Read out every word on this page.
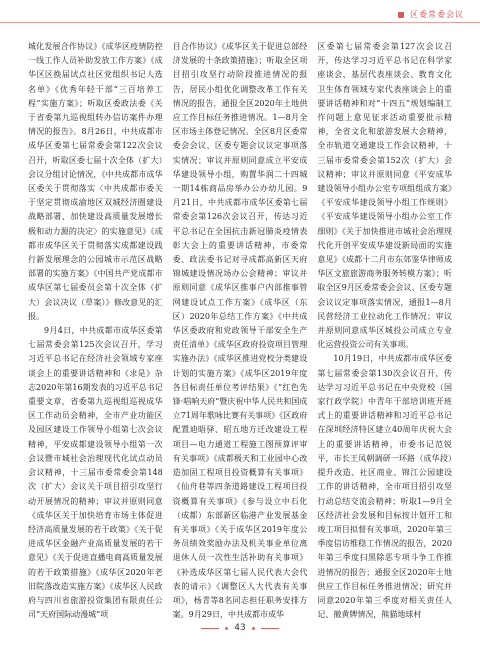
区委常委会议

城化发展合作协议》《成华区疫情防控一线工作人员补助发放工作方案》《成华区区换届试点社区党组织书记人选名单》《优秀年轻干部“三百培养工程”实施方案》；听取区委政法委《关于省委第九巡视组转办信访案件办理情况的报告》。8月26日，中共成都市成华区委第七届常委会第122次会议召开，听取区委七届十次全体（扩大）会议分组讨论情况，《中共成都市成华区委关于贯彻落实〈中共成都市委关于坚定贯彻成渝地区双城经济圈建设战略部署、加快建设高质量发展增长极和动力源的决定〉的实施意见》《成都市成华区关于贯彻落实成都建设践行新发展理念的公园城市示范区战略部署的实施方案》《中国共产党成都市成华区第七届委员会第十次全体（扩大）会议决议（草案）》修改意见的汇报。

9月4日，中共成都市成华区委第七届常委会第125次会议召开，学习习近平总书记在经济社会领域专家座谈会上的重要讲话精神和《求是》杂志2020年第16期发表的习近平总书记重要文章，省委第九巡视组巡视成华区工作动员会精神，全市产业功能区及园区建设工作领导小组第七次会议精神，平安成都建设领导小组第一次会议暨市城社会治理现代化试点动员会议精神，十三届市委常委会第148次（扩大）会议关于项目招引攻坚行动开展情况的精神；审议并原则同意《成华区关于加快培育市场主体促进经济高质量发展的若干政策》《关于促进成华区金融产业高质量发展的若干意见》《关于促进直播电商高质量发展的若干政策措施》《成华区2020年老旧院落改造实施方案》《成华区人民政府与四川省旅游投资集团有限责任公司“天府国际动漫城”项

目合作协议》《成华区关于促进总部经济发展的十条政策措施》；听取全区项目招引攻坚行动阶段推进情况的报告，居民小组优化调整改革工作有关情况的报告，通报全区2020年土地供应工作目标任务推进情况。1—8月全区市场主体登记情况。全区8月区委常委会会议、区委专题会议议定事项落实情况；审议并原则同意成立平安成华建设领导小组，购置华润二十四城一期14栋商品房举办公办幼儿园。9月21日，中共成都市成华区委第七届常委会第126次会议召开，传达习近平总书记在全国抗击新冠肺炎疫情表彰大会上的重要讲话精神，市委常委、政法委书记对寻成都高新区天府锦城建设情况场办公会精神；审议并原则同意《成华区推事户内部推事管网建设试点工作方案》《成华区（东区）2020年总结工作方案》《中共成华区委政府和党政领导干部安全生产责任清单》《成华区政府投资项目管理实施办法》《成华区推进党校分类建设计划的实施方案》《成华区2019年度各目标责任单位考评结果》《“红色先锋·唱响天府”暨庆祝中华人民共和国成立71周年歌咏比赛有关事项》《区政府配置迪晤驿、昭五地方迁改建设工程项目—电力通道工程施工图预算评审有关事项》《成都极天和工业园中心改造加固工程项目投资概算有关事项》《仙舟巷等四条道路建设工程项目投资概算有关事项》《参与设立中石化（成都）东部新区临港产业发展基金有关事项》《关于成华区2019年度公务员绩效奖励办法及机关事业单位离退休人员一次性生活补助有关事项》《补选成华区第七届人民代表大会代表的请示》《调整区人大代表有关事项》，杨青等8名同志担任职务安排方案。9月29日，中共成都市成华

区委第七届常委会第127次会议召开，传达学习习近平总书记在科学家座谈会、基层代表座谈会、教育文化卫生体育领域专家代表座谈会上的重要讲话精神和对“十四五”规划编制工作问题上意见征求活动重要批示精神，全省文化和旅游发展大会精神，全市轨道交通建设工作会议精神，十三届市委常委会第152次（扩大）会议精神；审议并原则同意《平安成华建设领导小组办公室专项组组成方案》《平安成华建设领导小组工作规则》《平安成华建设领导小组办公室工作细则》《关于加快推进市城社会治理现代化开创平安成华建设新局面的实施意见》《成都十二月市东郊鉴华律师成华区文旅旅游商务服务转模方案》；听取全区9月区委常委会会议、区委专题会议议定事项落实情况，通报1—8月民营经济工业拉动化工作情况；审议并原则同意成华区城投公司成立专业化运营投资公司有关事项。

10月19日，中共成都市成华区委第七届常委会第130次会议召开，传达学习习近平总书记在中央党校（国家行政学院）中青年干部培训班开班式上的重要讲话精神和习近平总书记在深圳经济特区建立40周年庆祝大会上的重要讲话精神，市委书记范锐平，市长王凤朝调研一环路（成华段）提升改造、社区商业、锦江公园建设工作的讲话精神，全市项目招引攻坚行动总结交流会精神；听取1—9月全区经济社会发展和目标按计划开工和竣工项目拟督有关事项，2020年第三季度信访维稳工作情况的报告，2020年第三季度扫黑除恶专项斗争工作推进情况的报告；通报全区2020年土地供应工作目标任务推进情况；研究并同意2020年第三季度对相关责任人记、撤黄牌情况，熊猫地球村

43
